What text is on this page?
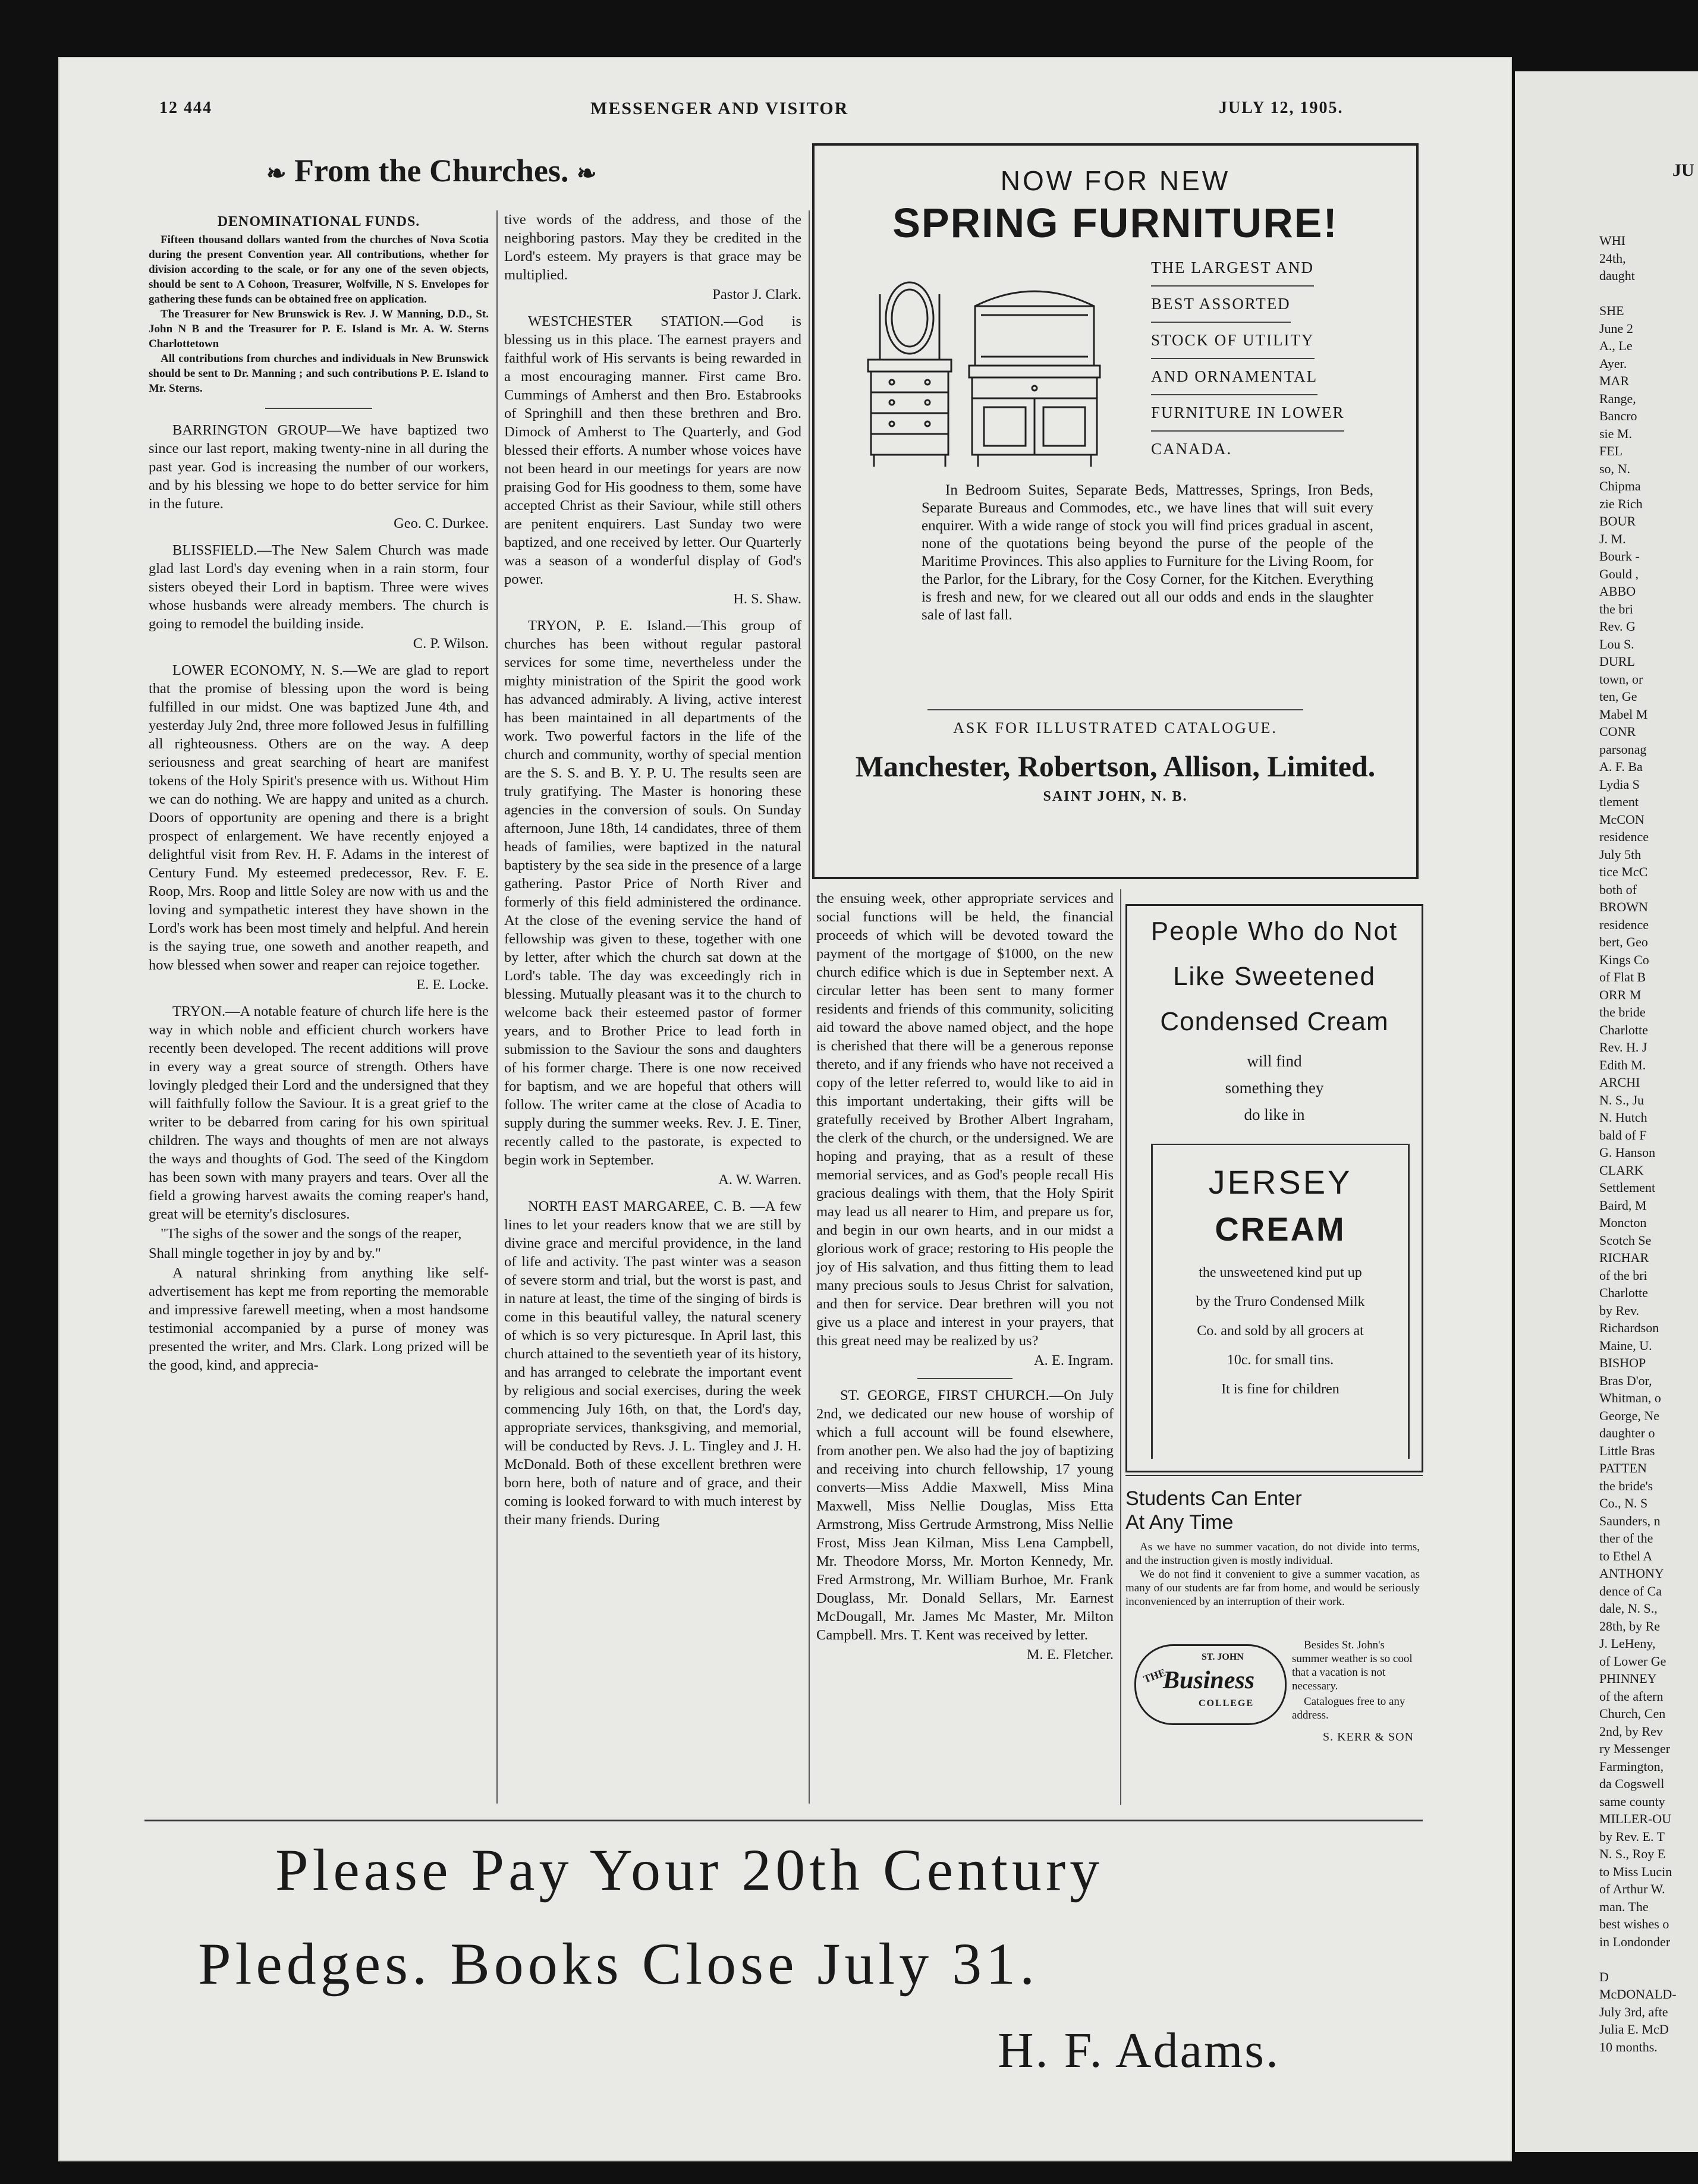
12 444	MESSENGER AND VISITOR	JULY 12, 1905.
❧ From the Churches. ❧
DENOMINATIONAL FUNDS.
Fifteen thousand dollars wanted from the churches of Nova Scotia during the present Convention year. All contributions, whether for division according to the scale, or for any one of the seven objects, should be sent to A Cohoon, Treasurer, Wolfville, N S. Envelopes for gathering these funds can be obtained free on application.
The Treasurer for New Brunswick is Rev. J. W Manning, D.D., St. John N B and the Treasurer for P. E. Island is Mr. A. W. Sterns Charlottetown
All contributions from churches and individuals in New Brunswick should be sent to Dr. Manning ; and such contributions P. E. Island to Mr. Sterns.

BARRINGTON GROUP—We have baptized two since our last report, making twenty-nine in all during the past year. God is increasing the number of our workers, and by his blessing we hope to do better service for him in the future.

Geo. C. Durkee.

BLISSFIELD.—The New Salem Church was made glad last Lord's day evening when in a rain storm, four sisters obeyed their Lord in baptism. Three were wives whose husbands were already members. The church is going to remodel the building inside.

C. P. Wilson.

LOWER ECONOMY, N. S.—We are glad to report that the promise of blessing upon the word is being fulfilled in our midst. One was baptized June 4th, and yesterday July 2nd, three more followed Jesus in fulfilling all righteousness. Others are on the way. A deep seriousness and great searching of heart are manifest tokens of the Holy Spirit's presence with us. Without Him we can do nothing. We are happy and united as a church. Doors of opportunity are opening and there is a bright prospect of enlargement. We have recently enjoyed a delightful visit from Rev. H. F. Adams in the interest of Century Fund. My esteemed predecessor, Rev. F. E. Roop, Mrs. Roop and little Soley are now with us and the loving and sympathetic interest they have shown in the Lord's work has been most timely and helpful. And herein is the saying true, one soweth and another reapeth, and how blessed when sower and reaper can rejoice together.

E. E. Locke.

TRYON.—A notable feature of church life here is the way in which noble and efficient church workers have recently been developed. The recent additions will prove in every way a great source of strength. Others have lovingly pledged their Lord and the undersigned that they will faithfully follow the Saviour. It is a great grief to the writer to be debarred from caring for his own spiritual children. The ways and thoughts of men are not always the ways and thoughts of God. The seed of the Kingdom has been sown with many prayers and tears. Over all the field a growing harvest awaits the coming reaper's hand, great will be eternity's disclosures.

"The sighs of the sower and the songs of the reaper,

Shall mingle together in joy by and by."

A natural shrinking from anything like self-advertisement has kept me from reporting the memorable and impressive farewell meeting, when a most handsome testimonial accompanied by a purse of money was presented the writer, and Mrs. Clark. Long prized will be the good, kind, and apprecia-

tive words of the address, and those of the neighboring pastors. May they be credited in the Lord's esteem. My prayers is that grace may be multiplied.

Pastor J. Clark.

WESTCHESTER STATION.—God is blessing us in this place. The earnest prayers and faithful work of His servants is being rewarded in a most encouraging manner. First came Bro. Cummings of Amherst and then Bro. Estabrooks of Springhill and then these brethren and Bro. Dimock of Amherst to The Quarterly, and God blessed their efforts. A number whose voices have not been heard in our meetings for years are now praising God for His goodness to them, some have accepted Christ as their Saviour, while still others are penitent enquirers. Last Sunday two were baptized, and one received by letter. Our Quarterly was a season of a wonderful display of God's power.

H. S. Shaw.

TRYON, P. E. Island.—This group of churches has been without regular pastoral services for some time, nevertheless under the mighty ministration of the Spirit the good work has advanced admirably. A living, active interest has been maintained in all departments of the work. Two powerful factors in the life of the church and community, worthy of special mention are the S. S. and B. Y. P. U. The results seen are truly gratifying. The Master is honoring these agencies in the conversion of souls. On Sunday afternoon, June 18th, 14 candidates, three of them heads of families, were baptized in the natural baptistery by the sea side in the presence of a large gathering. Pastor Price of North River and formerly of this field administered the ordinance. At the close of the evening service the hand of fellowship was given to these, together with one by letter, after which the church sat down at the Lord's table. The day was exceedingly rich in blessing. Mutually pleasant was it to the church to welcome back their esteemed pastor of former years, and to Brother Price to lead forth in submission to the Saviour the sons and daughters of his former charge. There is one now received for baptism, and we are hopeful that others will follow. The writer came at the close of Acadia to supply during the summer weeks. Rev. J. E. Tiner, recently called to the pastorate, is expected to begin work in September.

A. W. Warren.

NORTH EAST MARGAREE, C. B. —A few lines to let your readers know that we are still by divine grace and merciful providence, in the land of life and activity. The past winter was a season of severe storm and trial, but the worst is past, and in nature at least, the time of the singing of birds is come in this beautiful valley, the natural scenery of which is so very picturesque. In April last, this church attained to the seventieth year of its history, and has arranged to celebrate the important event by religious and social exercises, during the week commencing July 16th, on that, the Lord's day, appropriate services, thanksgiving, and memorial, will be conducted by Revs. J. L. Tingley and J. H. McDonald. Both of these excellent brethren were born here, both of nature and of grace, and their coming is looked forward to with much interest by their many friends. During

NOW FOR NEW
SPRING FURNITURE!
THE LARGEST AND
BEST ASSORTED
STOCK OF UTILITY
AND ORNAMENTAL
FURNITURE IN LOWER
CANADA.
In Bedroom Suites, Separate Beds, Mattresses, Springs, Iron Beds, Separate Bureaus and Commodes, etc., we have lines that will suit every enquirer. With a wide range of stock you will find prices gradual in ascent, none of the quotations being beyond the purse of the people of the Maritime Provinces. This also applies to Furniture for the Living Room, for the Parlor, for the Library, for the Cosy Corner, for the Kitchen. Everything is fresh and new, for we cleared out all our odds and ends in the slaughter sale of last fall.
ASK FOR ILLUSTRATED CATALOGUE.
Manchester, Robertson, Allison, Limited.
SAINT JOHN, N. B.

the ensuing week, other appropriate services and social functions will be held, the financial proceeds of which will be devoted toward the payment of the mortgage of $1000, on the new church edifice which is due in September next. A circular letter has been sent to many former residents and friends of this community, soliciting aid toward the above named object, and the hope is cherished that there will be a generous reponse thereto, and if any friends who have not received a copy of the letter referred to, would like to aid in this important undertaking, their gifts will be gratefully received by Brother Albert Ingraham, the clerk of the church, or the undersigned. We are hoping and praying, that as a result of these memorial services, and as God's people recall His gracious dealings with them, that the Holy Spirit may lead us all nearer to Him, and prepare us for, and begin in our own hearts, and in our midst a glorious work of grace; restoring to His people the joy of His salvation, and thus fitting them to lead many precious souls to Jesus Christ for salvation, and then for service. Dear brethren will you not give us a place and interest in your prayers, that this great need may be realized by us?

A. E. Ingram.

ST. GEORGE, FIRST CHURCH.—On July 2nd, we dedicated our new house of worship of which a full account will be found elsewhere, from another pen. We also had the joy of baptizing and receiving into church fellowship, 17 young converts—Miss Addie Maxwell, Miss Mina Maxwell, Miss Nellie Douglas, Miss Etta Armstrong, Miss Gertrude Armstrong, Miss Nellie Frost, Miss Jean Kilman, Miss Lena Campbell, Mr. Theodore Morss, Mr. Morton Kennedy, Mr. Fred Armstrong, Mr. William Burhoe, Mr. Frank Douglass, Mr. Donald Sellars, Mr. Earnest McDougall, Mr. James Mc Master, Mr. Milton Campbell. Mrs. T. Kent was received by letter.

M. E. Fletcher.

People Who do Not
Like Sweetened
Condensed Cream
will find
something they
do like in
JERSEY
CREAM
the unsweetened kind put up
by the Truro Condensed Milk
Co. and sold by all grocers at
10c. for small tins.
It is fine for children
Students Can Enter
At Any Time
As we have no summer vacation, do not divide into terms, and the instruction given is mostly individual.
We do not find it convenient to give a summer vacation, as many of our students are far from home, and would be seriously inconvenienced by an interruption of their work.
THE
ST. JOHN
Business
COLLEGE
Besides St. John's summer weather is so cool that a vacation is not necessary.
Catalogues free to any address.
S. KERR & SON
Please Pay Your 20th Century
Pledges. Books Close July 31.
H. F. Adams.
JU
WHI
24th,
daught

SHE
June 2
A., Le
Ayer.
MAR
Range,
Bancro
sie M.
FEL
so, N.
Chipma
zie Rich
BOUR
J. M.
Bourk -
Gould ,
ABBO
the bri
Rev. G
Lou S.
DURL
town, or
ten, Ge
Mabel M
CONR
parsonag
A. F. Ba
Lydia S
tlement
McCON
residence
July 5th
tice McC
both of
BROWN
residence
bert, Geo
Kings Co
of Flat B
ORR M
the bride
Charlotte
Rev. H. J
Edith M.
ARCHI
N. S., Ju
N. Hutch
bald of F
G. Hanson
CLARK
Settlement
Baird, M
Moncton
Scotch Se
RICHAR
of the bri
Charlotte
by Rev.
Richardson
Maine, U.
BISHOP
Bras D'or,
Whitman, o
George, Ne
daughter o
Little Bras
PATTEN
the bride's
Co., N. S
Saunders, n
ther of the
to Ethel A
ANTHONY
dence of Ca
dale, N. S.,
28th, by Re
J. LeHeny,
of Lower Ge
PHINNEY
of the aftern
Church, Cen
2nd, by Rev
ry Messenger
Farmington,
da Cogswell
same county
MILLER-OU
by Rev. E. T
N. S., Roy E
to Miss Lucin
of Arthur W.
man. The
best wishes o
in Londonder

D
McDONALD-
July 3rd, afte
Julia E. McD
10 months.
